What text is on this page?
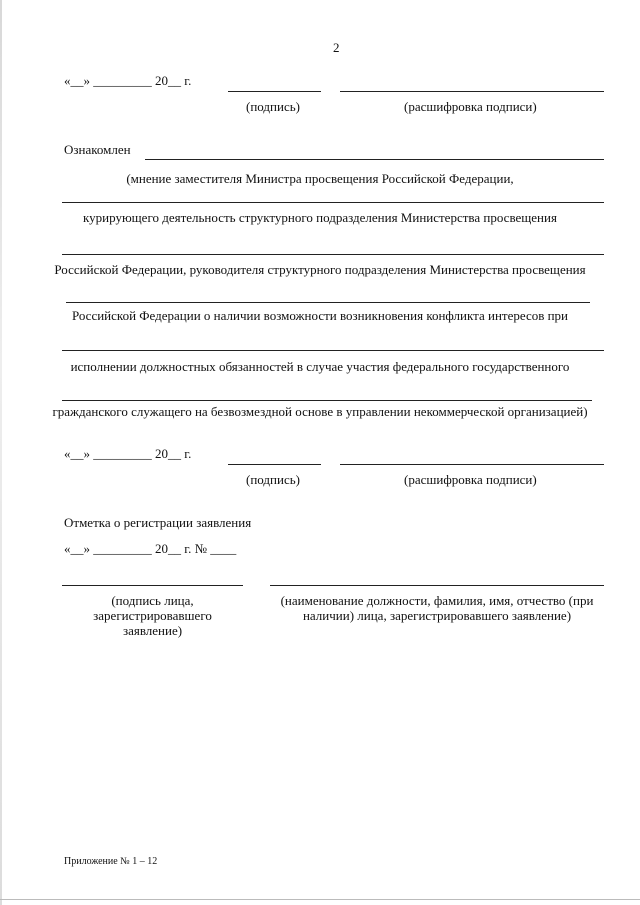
2
«__» _________ 20__ г.
(подпись)	(расшифровка подписи)
Ознакомлен
(мнение заместителя Министра просвещения Российской Федерации,
курирующего деятельность структурного подразделения Министерства просвещения
Российской Федерации, руководителя структурного подразделения Министерства просвещения
Российской Федерации о наличии возможности возникновения конфликта интересов при
исполнении должностных обязанностей в случае участия федерального государственного
гражданского служащего на безвозмездной основе в управлении некоммерческой организацией)
«__» _________ 20__ г.
(подпись)	(расшифровка подписи)
Отметка о регистрации заявления
«__» _________ 20__ г. № ____
(подпись лица, зарегистрировавшего заявление)
(наименование должности, фамилия, имя, отчество (при наличии) лица, зарегистрировавшего заявление)
Приложение № 1 – 12
